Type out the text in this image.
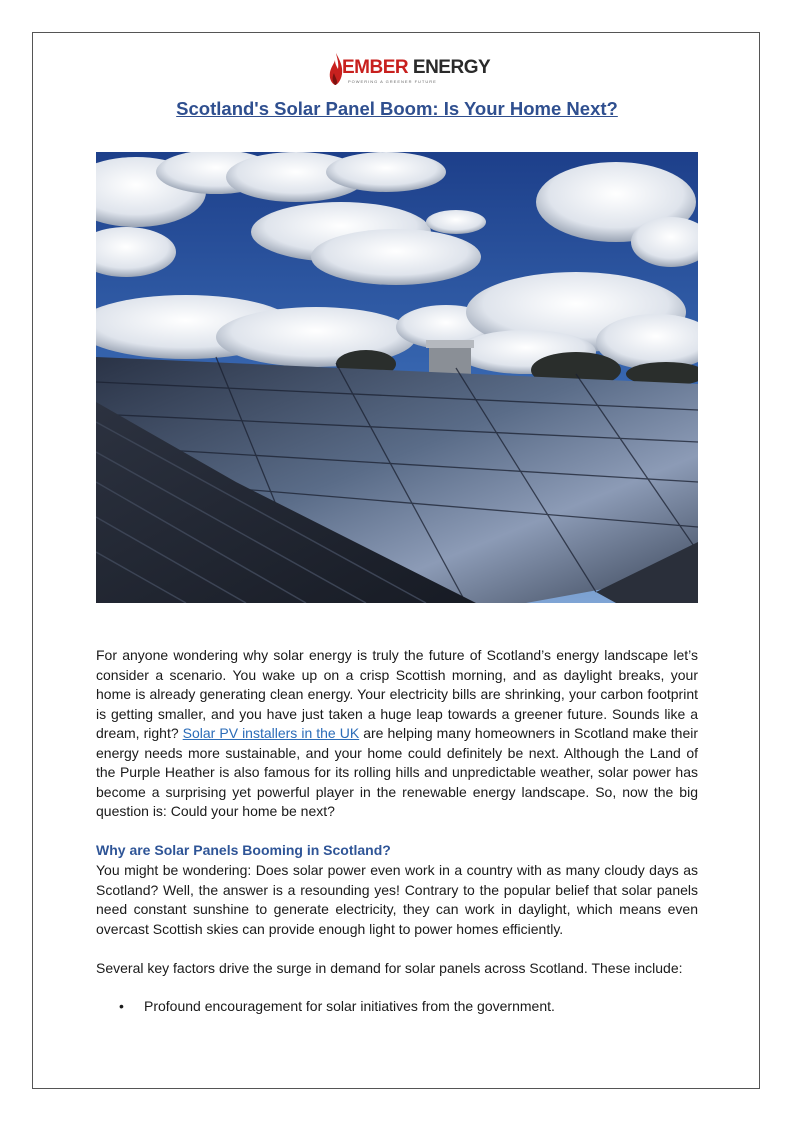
EMBER ENERGY
POWERING A GREENER FUTURE
Scotland's Solar Panel Boom: Is Your Home Next?
For anyone wondering why solar energy is truly the future of Scotland’s energy landscape let’s consider a scenario. You wake up on a crisp Scottish morning, and as daylight breaks, your home is already generating clean energy. Your electricity bills are shrinking, your carbon footprint is getting smaller, and you have just taken a huge leap towards a greener future. Sounds like a dream, right? Solar PV installers in the UK are helping many homeowners in Scotland make their energy needs more sustainable, and your home could definitely be next. Although the Land of the Purple Heather is also famous for its rolling hills and unpredictable weather, solar power has become a surprising yet powerful player in the renewable energy landscape. So, now the big question is: Could your home be next?
Why are Solar Panels Booming in Scotland?
You might be wondering: Does solar power even work in a country with as many cloudy days as Scotland? Well, the answer is a resounding yes! Contrary to the popular belief that solar panels need constant sunshine to generate electricity, they can work in daylight, which means even overcast Scottish skies can provide enough light to power homes efficiently.
Several key factors drive the surge in demand for solar panels across Scotland. These include:
• Profound encouragement for solar initiatives from the government.
